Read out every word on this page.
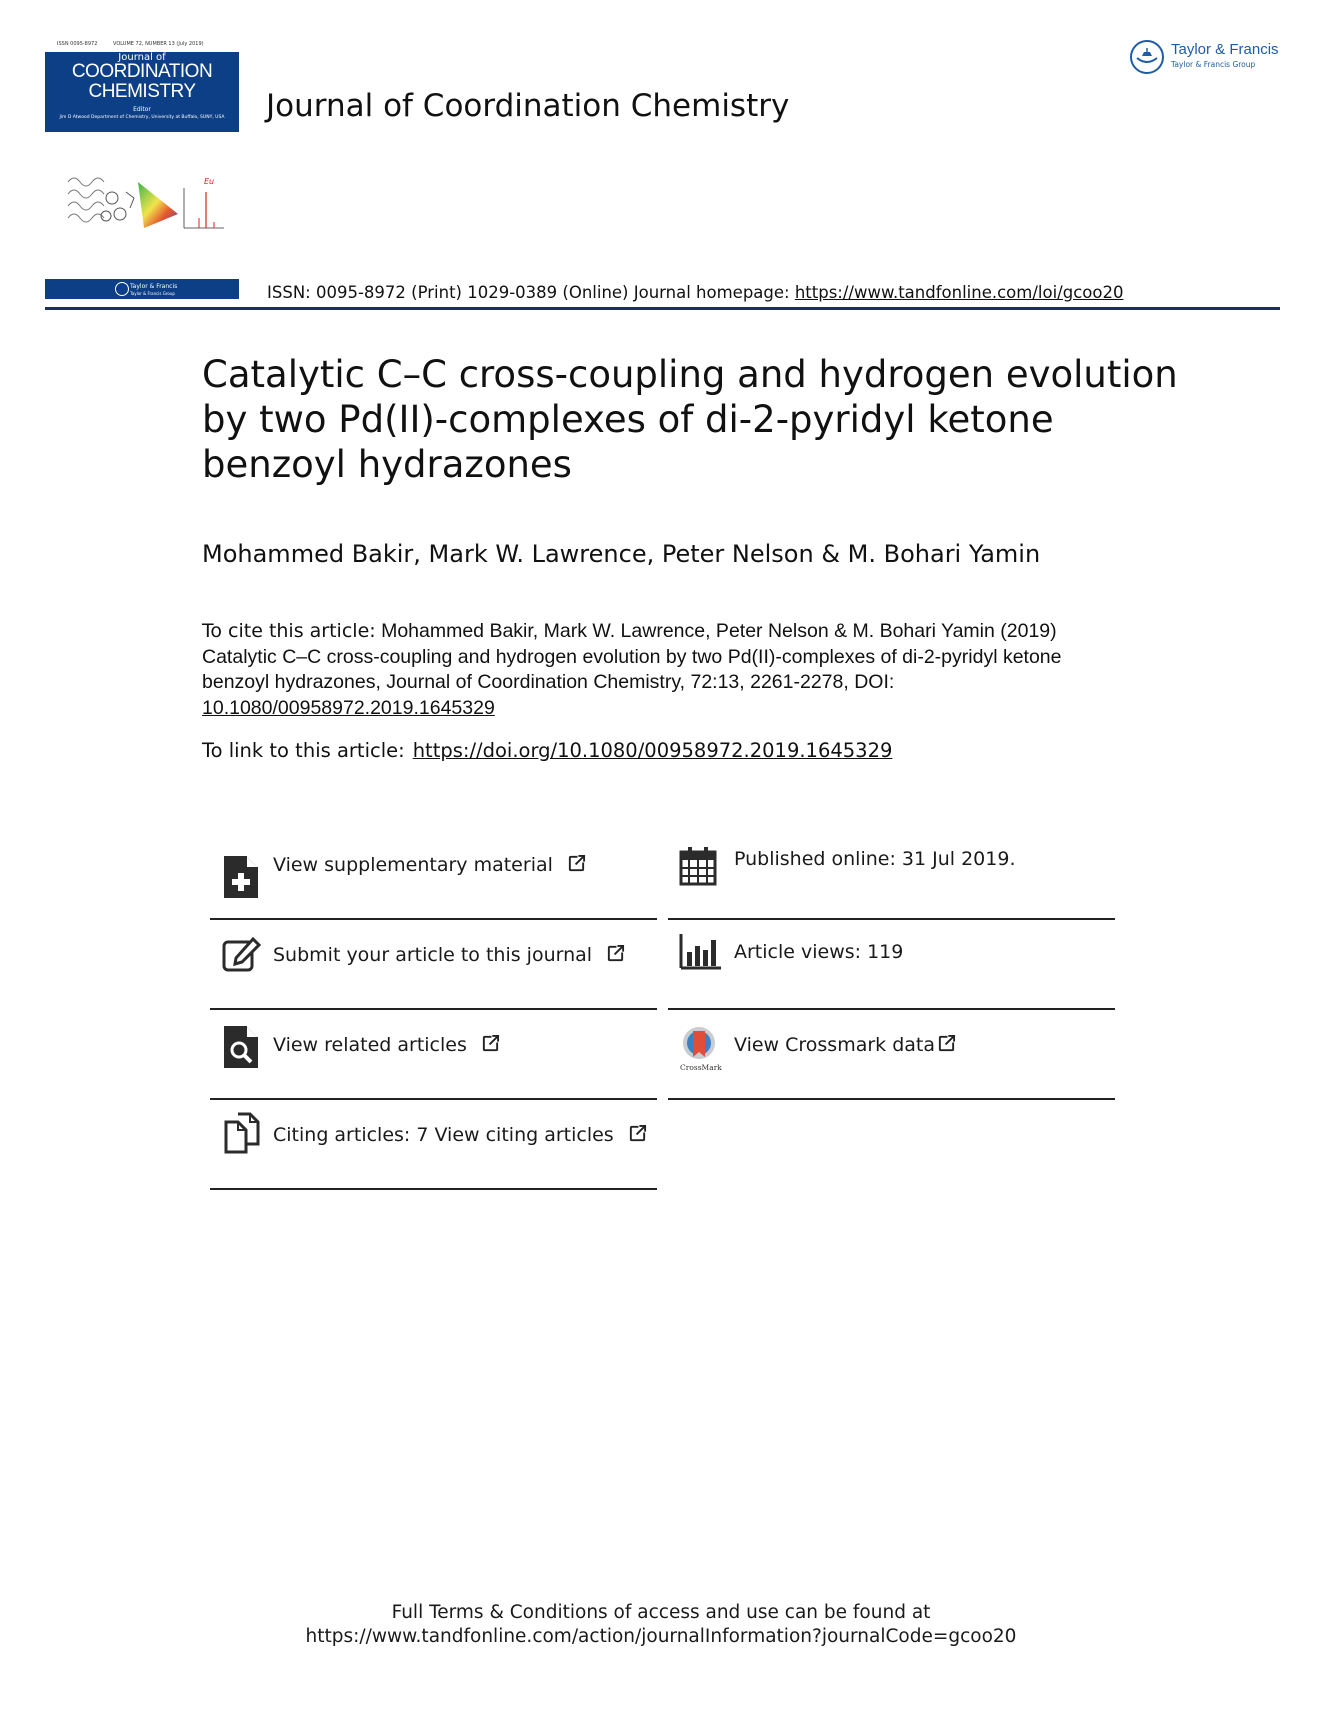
ISSN 0095-8972	VOLUME 72, NUMBER 13 (July 2019)
Journal of
COORDINATION
CHEMISTRY
Editor
Jim D Atwood Department of Chemistry, University at Buffalo, SUNY, USA
Eu
Taylor & Francis
Taylor & Francis Group
Journal of Coordination Chemistry
Taylor & Francis
Taylor & Francis Group
ISSN: 0095-8972 (Print) 1029-0389 (Online) Journal homepage: https://www.tandfonline.com/loi/gcoo20
Catalytic C–C cross-coupling and hydrogen evolution by two Pd(II)-complexes of di-2-pyridyl ketone benzoyl hydrazones
Mohammed Bakir, Mark W. Lawrence, Peter Nelson & M. Bohari Yamin
To cite this article: Mohammed Bakir, Mark W. Lawrence, Peter Nelson & M. Bohari Yamin (2019) Catalytic C–C cross-coupling and hydrogen evolution by two Pd(II)-complexes of di-2-pyridyl ketone benzoyl hydrazones, Journal of Coordination Chemistry, 72:13, 2261-2278, DOI: 10.1080/00958972.2019.1645329
To link to this article: https://doi.org/10.1080/00958972.2019.1645329
View supplementary material
Submit your article to this journal
View related articles
Citing articles: 7 View citing articles
Published online: 31 Jul 2019.
Article views: 119
CrossMark
View Crossmark data
Full Terms & Conditions of access and use can be found at
https://www.tandfonline.com/action/journalInformation?journalCode=gcoo20
